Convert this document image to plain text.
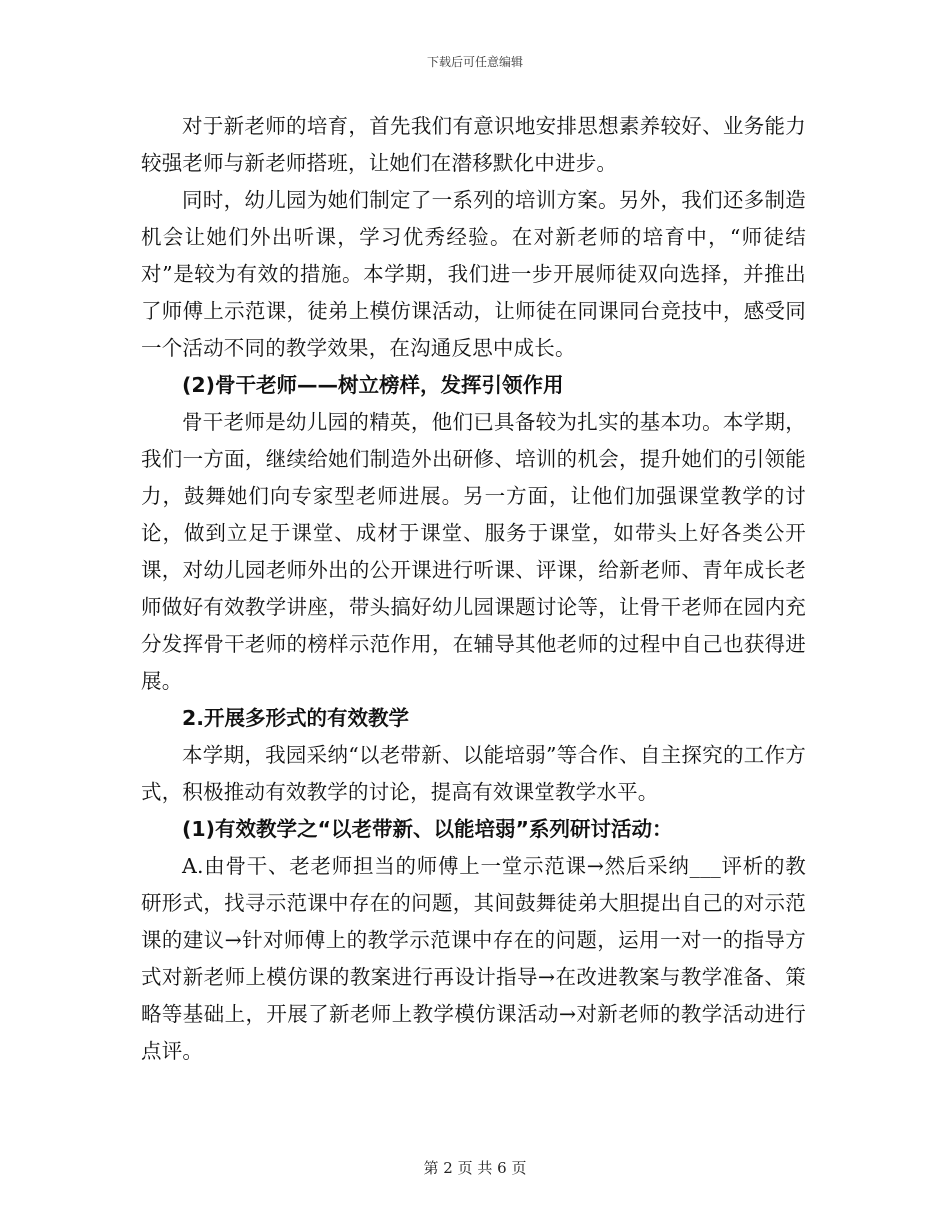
下载后可任意编辑

对于新老师的培育，首先我们有意识地安排思想素养较好、业务能力较强老师与新老师搭班，让她们在潜移默化中进步。

同时，幼儿园为她们制定了一系列的培训方案。另外，我们还多制造机会让她们外出听课，学习优秀经验。在对新老师的培育中，“师徒结对”是较为有效的措施。本学期，我们进一步开展师徒双向选择，并推出了师傅上示范课，徒弟上模仿课活动，让师徒在同课同台竞技中，感受同一个活动不同的教学效果，在沟通反思中成长。

(2)骨干老师——树立榜样，发挥引领作用

骨干老师是幼儿园的精英，他们已具备较为扎实的基本功。本学期，我们一方面，继续给她们制造外出研修、培训的机会，提升她们的引领能力，鼓舞她们向专家型老师进展。另一方面，让他们加强课堂教学的讨论，做到立足于课堂、成材于课堂、服务于课堂，如带头上好各类公开课，对幼儿园老师外出的公开课进行听课、评课，给新老师、青年成长老师做好有效教学讲座，带头搞好幼儿园课题讨论等，让骨干老师在园内充分发挥骨干老师的榜样示范作用，在辅导其他老师的过程中自己也获得进展。

2.开展多形式的有效教学

本学期，我园采纳“以老带新、以能培弱”等合作、自主探究的工作方式，积极推动有效教学的讨论，提高有效课堂教学水平。

(1)有效教学之“以老带新、以能培弱”系列研讨活动：

A.由骨干、老老师担当的师傅上一堂示范课→然后采纳___评析的教研形式，找寻示范课中存在的问题，其间鼓舞徒弟大胆提出自己的对示范课的建议→针对师傅上的教学示范课中存在的问题，运用一对一的指导方式对新老师上模仿课的教案进行再设计指导→在改进教案与教学准备、策略等基础上，开展了新老师上教学模仿课活动→对新老师的教学活动进行点评。

第 2 页 共 6 页
